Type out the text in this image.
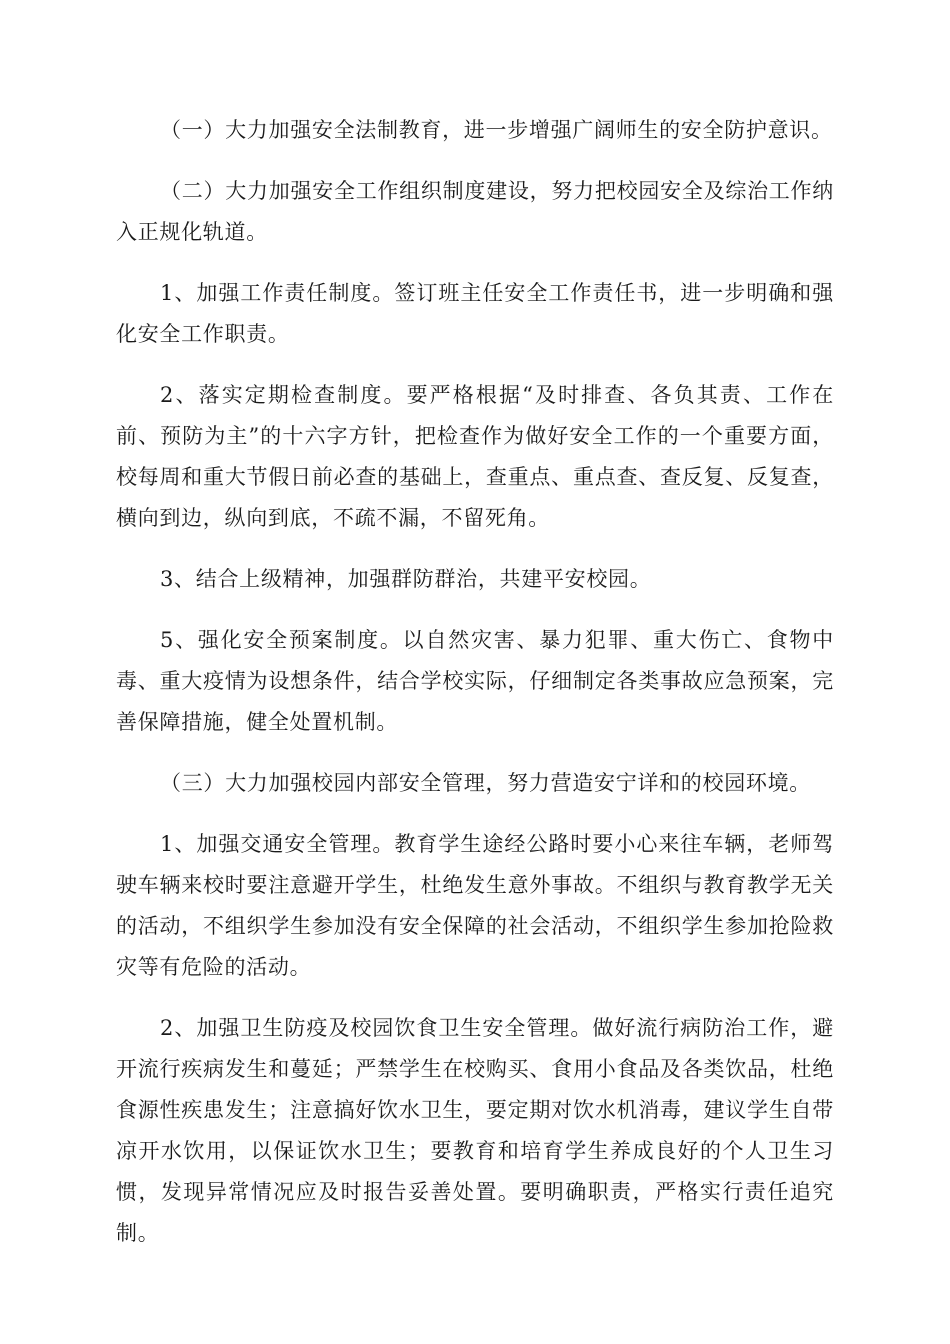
（一）大力加强安全法制教育，进一步增强广阔师生的安全防护意识。

（二）大力加强安全工作组织制度建设，努力把校园安全及综治工作纳入正规化轨道。

1、加强工作责任制度。签订班主任安全工作责任书，进一步明确和强化安全工作职责。

2、落实定期检查制度。要严格根据“及时排查、各负其责、工作在前、预防为主”的十六字方针，把检查作为做好安全工作的一个重要方面，校每周和重大节假日前必查的基础上，查重点、重点查、查反复、反复查，横向到边，纵向到底，不疏不漏，不留死角。

3、结合上级精神，加强群防群治，共建平安校园。

5、强化安全预案制度。以自然灾害、暴力犯罪、重大伤亡、食物中毒、重大疫情为设想条件，结合学校实际，仔细制定各类事故应急预案，完善保障措施，健全处置机制。

（三）大力加强校园内部安全管理，努力营造安宁详和的校园环境。

1、加强交通安全管理。教育学生途经公路时要小心来往车辆，老师驾驶车辆来校时要注意避开学生，杜绝发生意外事故。不组织与教育教学无关的活动，不组织学生参加没有安全保障的社会活动，不组织学生参加抢险救灾等有危险的活动。

2、加强卫生防疫及校园饮食卫生安全管理。做好流行病防治工作，避开流行疾病发生和蔓延；严禁学生在校购买、食用小食品及各类饮品，杜绝食源性疾患发生；注意搞好饮水卫生，要定期对饮水机消毒，建议学生自带凉开水饮用，以保证饮水卫生；要教育和培育学生养成良好的个人卫生习惯，发现异常情况应及时报告妥善处置。要明确职责，严格实行责任追究制。
